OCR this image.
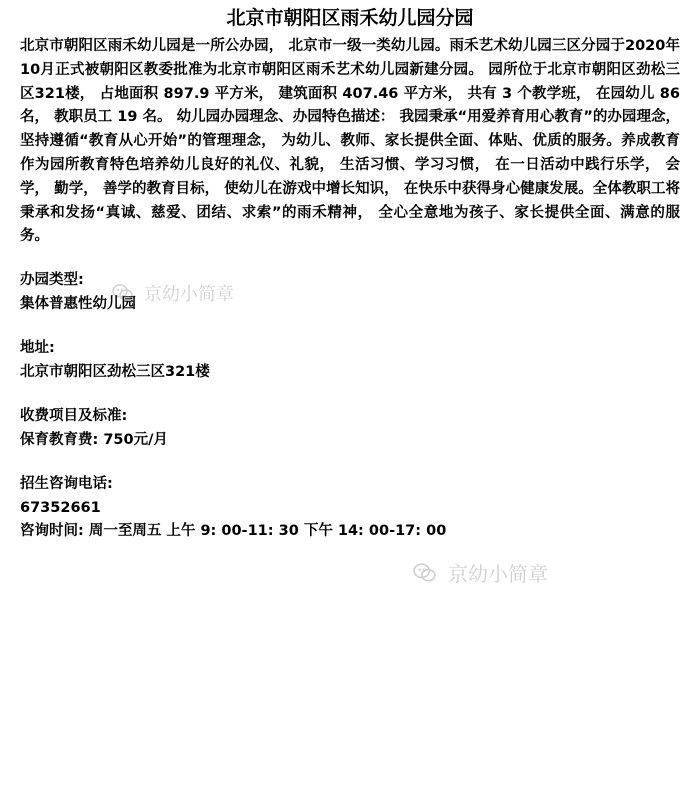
北京市朝阳区雨禾幼儿园分园
北京市朝阳区雨禾幼儿园是一所公办园， 北京市一级一类幼儿园。雨禾艺术幼儿园三区分园于2020年10月正式被朝阳区教委批准为北京市朝阳区雨禾艺术幼儿园新建分园。 园所位于北京市朝阳区劲松三区321楼， 占地面积 897.9 平方米， 建筑面积 407.46 平方米， 共有 3 个教学班， 在园幼儿 86 名， 教职员工 19 名。 幼儿园办园理念、办园特色描述： 我园秉承“用爱养育用心教育”的办园理念， 坚持遵循“教育从心开始”的管理理念， 为幼儿、教师、家长提供全面、体贴、优质的服务。养成教育作为园所教育特色培养幼儿良好的礼仪、礼貌， 生活习惯、学习习惯， 在一日活动中践行乐学， 会学， 勤学， 善学的教育目标， 使幼儿在游戏中增长知识， 在快乐中获得身心健康发展。全体教职工将秉承和发扬“真诚、慈爱、团结、求索”的雨禾精神， 全心全意地为孩子、家长提供全面、满意的服务。
京幼小简章
办园类型:
集体普惠性幼儿园
地址:
北京市朝阳区劲松三区321楼
收费项目及标准:
保育教育费: 750元/月
招生咨询电话:
67352661
咨询时间: 周一至周五 上午 9: 00-11: 30 下午 14: 00-17: 00
京幼小简章
